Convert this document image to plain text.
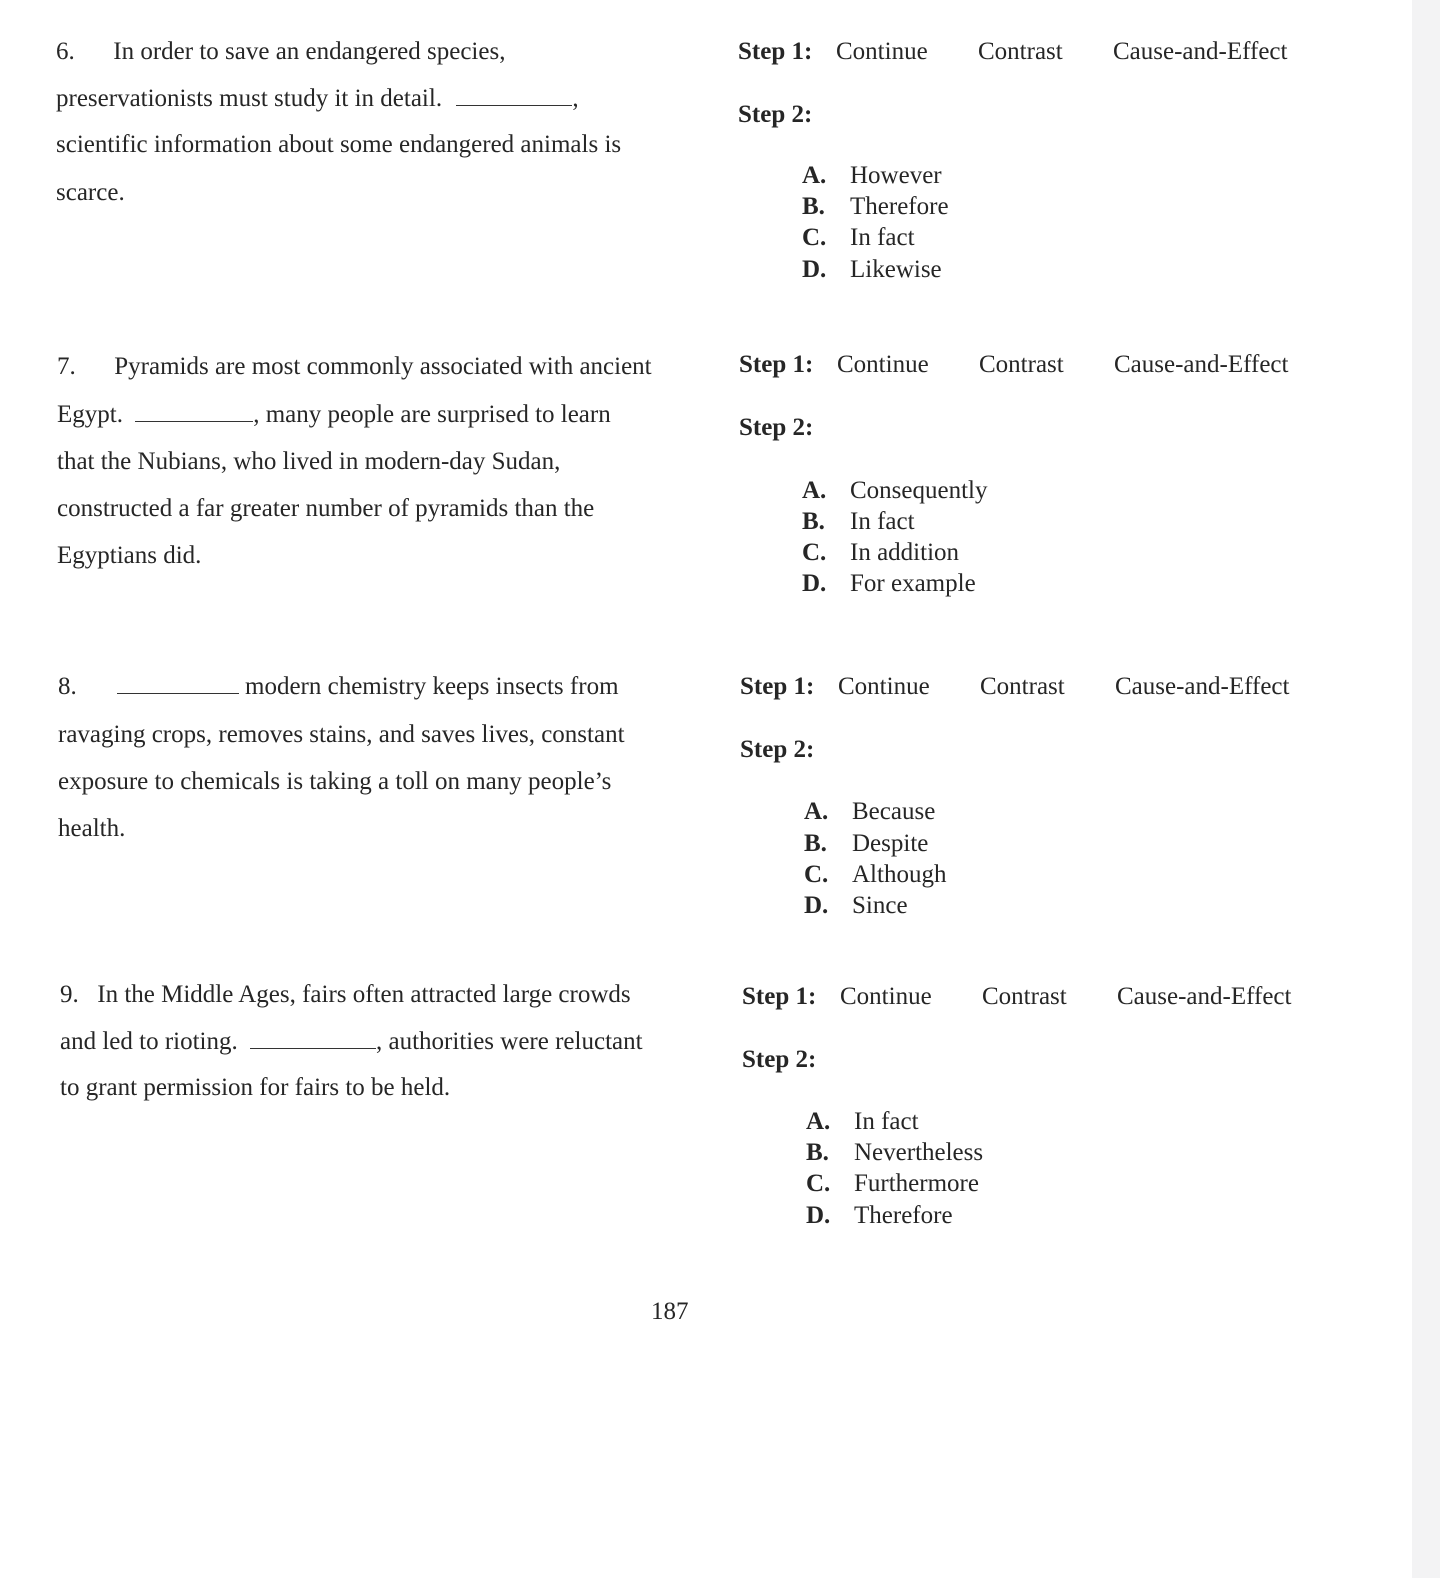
6. In order to save an endangered species,
preservationists must study it in detail.	,
scientific information about some endangered animals is
scarce.
Step 1: Continue Contrast Cause-and-Effect
Step 2:
A. However
B. Therefore
C. In fact
D. Likewise
7. Pyramids are most commonly associated with ancient
Egypt.	, many people are surprised to learn
that the Nubians, who lived in modern-day Sudan,
constructed a far greater number of pyramids than the
Egyptians did.
Step 1: Continue Contrast Cause-and-Effect
Step 2:
A. Consequently
B. In fact
C. In addition
D. For example
8.	modern chemistry keeps insects from
ravaging crops, removes stains, and saves lives, constant
exposure to chemicals is taking a toll on many people’s
health.
Step 1: Continue Contrast Cause-and-Effect
Step 2:
A. Because
B. Despite
C. Although
D. Since
9. In the Middle Ages, fairs often attracted large crowds
and led to rioting.	, authorities were reluctant
to grant permission for fairs to be held.
Step 1: Continue Contrast Cause-and-Effect
Step 2:
A. In fact
B. Nevertheless
C. Furthermore
D. Therefore
187
